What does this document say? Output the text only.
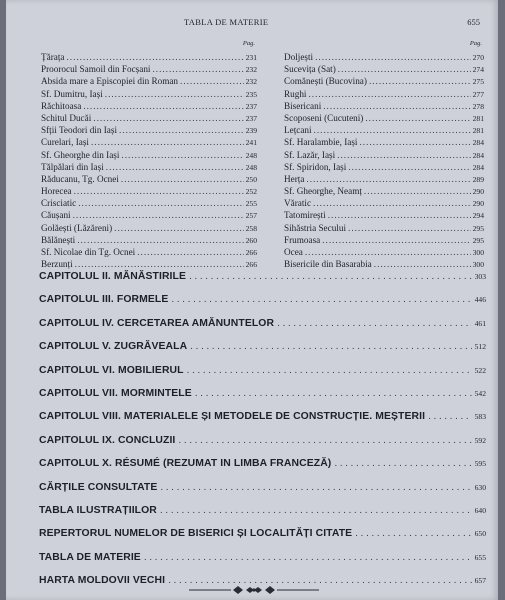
TABLA DE MATERIE	655
Pag.
Țărața .....	231
Proorocul Samoil din Focșani .....	232
Absida mare a Episcopiei din Roman .....	232
Sf. Dumitru, Iași .....	235
Răchitoasa .....	237
Schitul Ducăi .....	237
Sfții Teodori din Iași .....	239
Curelari, Iași .....	241
Sf. Gheorghe din Iași .....	248
Tălpălari din Iași .....	248
Răducanu, Tg. Ocnei .....	250
Horecea .....	252
Crisciatic .....	255
Căușani .....	257
Golăești (Lăzăreni) .....	258
Bălănești .....	260
Sf. Nicolae din Tg. Ocnei .....	266
Berzunți .....	266
Pag.
Doljești .....	270
Sucevița (Sat) .....	274
Comănești (Bucovina) .....	275
Rughi .....	277
Bisericani .....	278
Scoposeni (Cucuteni) .....	281
Lețcani .....	281
Sf. Haralambie, Iași .....	284
Sf. Lazăr, Iași .....	284
Sf. Spiridon, Iași .....	284
Herța .....	289
Sf. Gheorghe, Neamț .....	290
Văratic .....	290
Tatomirești .....	294
Sihăstria Secului .....	295
Frumoasa .....	295
Ocea .....	300
Bisericile din Basarabia .....	300
CAPITOLUL II. MĂNĂSTIRILE .....	303
CAPITOLUL III. FORMELE .....	446
CAPITOLUL IV. CERCETAREA AMĂNUNTELOR .....	461
CAPITOLUL V. ZUGRĂVEALA .....	512
CAPITOLUL VI. MOBILIERUL .....	522
CAPITOLUL VII. MORMINTELE .....	542
CAPITOLUL VIII. MATERIALELE ȘI METODELE DE CONSTRUCȚIE. MEȘTERII .....	583
CAPITOLUL IX. CONCLUZII .....	592
CAPITOLUL X. RÉSUMÉ (REZUMAT IN LIMBA FRANCEZĂ) .....	595
CĂRȚILE CONSULTATE .....	630
TABLA ILUSTRAȚIILOR .....	640
REPERTORUL NUMELOR DE BISERICI ȘI LOCALITĂȚI CITATE .....	650
TABLA DE MATERIE .....	655
HARTA MOLDOVII VECHI .....	657
